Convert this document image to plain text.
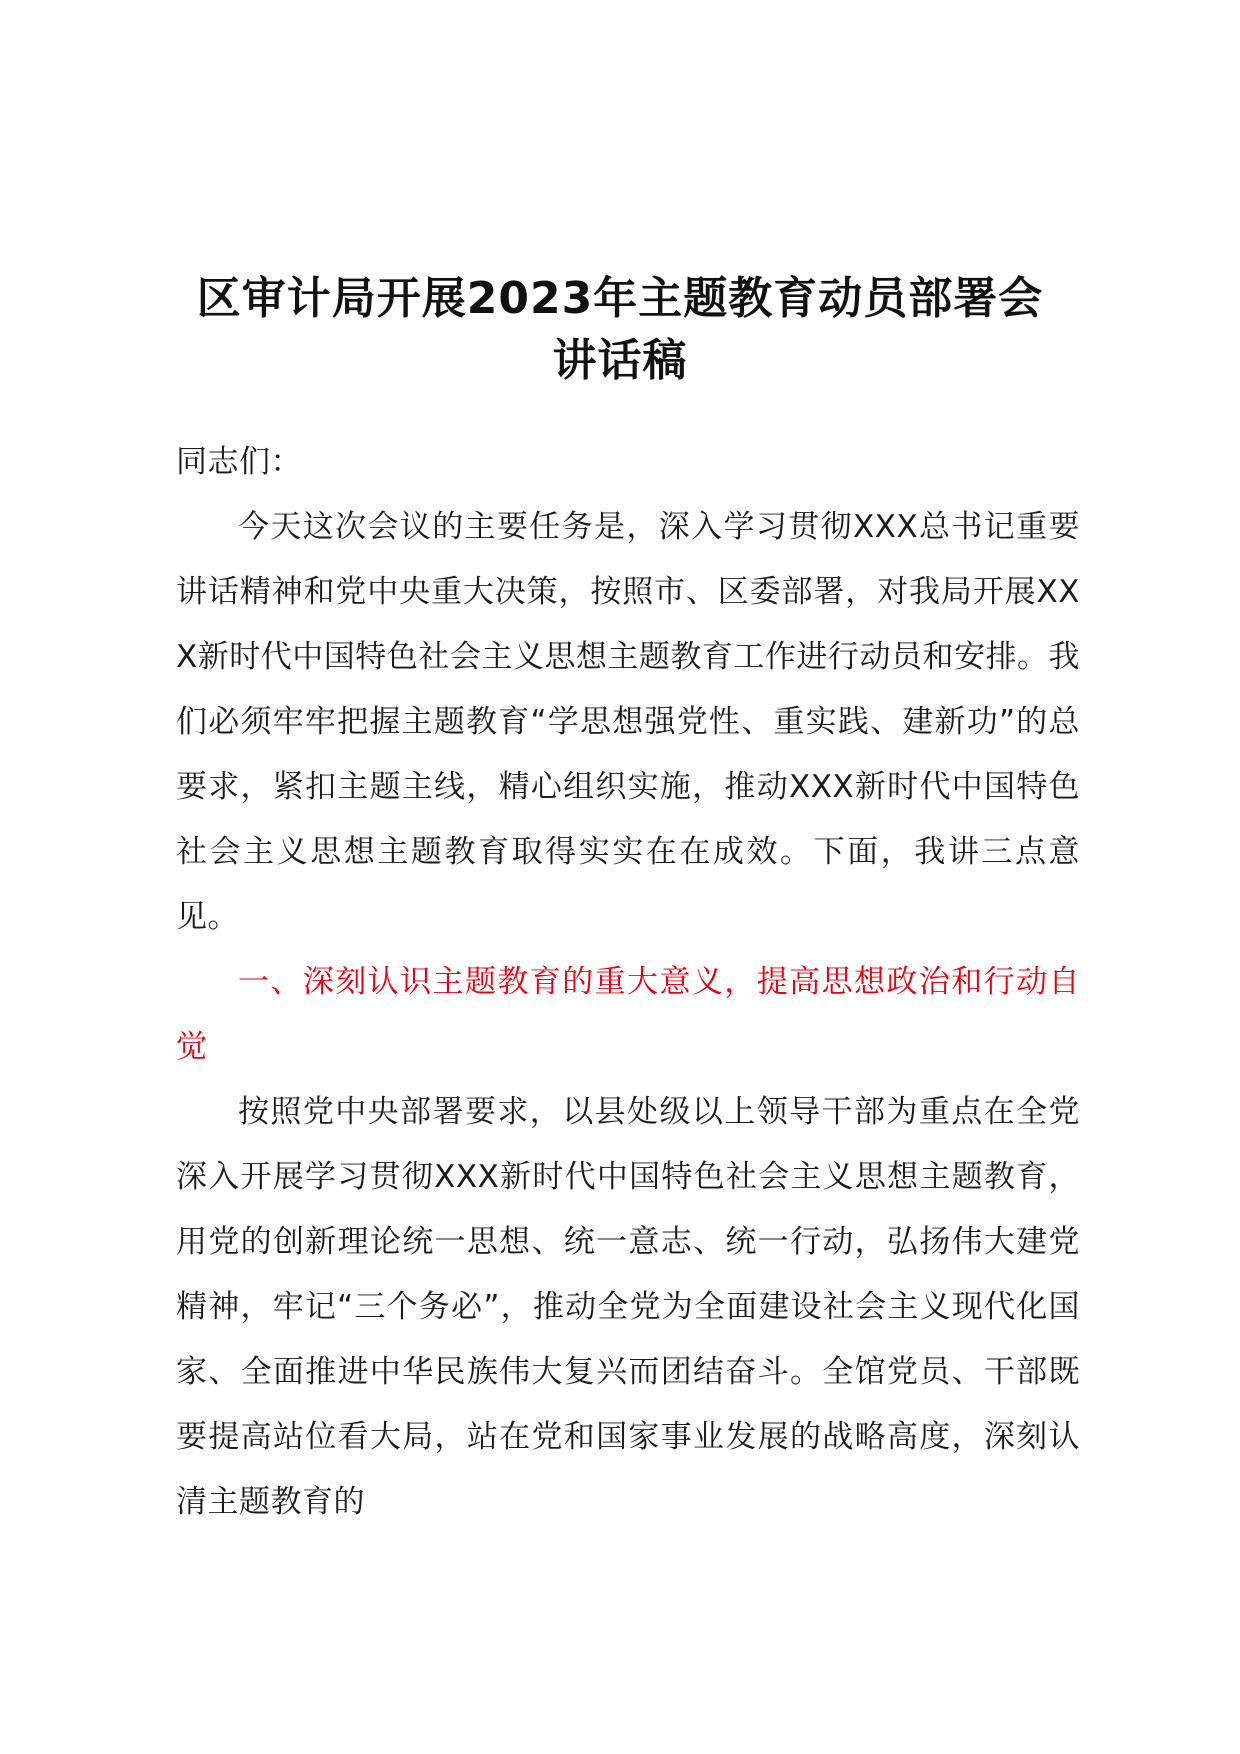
区审计局开展2023年主题教育动员部署会
讲话稿

同志们：

今天这次会议的主要任务是，深入学习贯彻XXX总书记重要讲话精神和党中央重大决策，按照市、区委部署，对我局开展XXX新时代中国特色社会主义思想主题教育工作进行动员和安排。我们必须牢牢把握主题教育“学思想强党性、重实践、建新功”的总要求，紧扣主题主线，精心组织实施，推动XXX新时代中国特色社会主义思想主题教育取得实实在在成效。下面，我讲三点意见。

一、深刻认识主题教育的重大意义，提高思想政治和行动自觉

按照党中央部署要求，以县处级以上领导干部为重点在全党深入开展学习贯彻XXX新时代中国特色社会主义思想主题教育，用党的创新理论统一思想、统一意志、统一行动，弘扬伟大建党精神，牢记“三个务必”，推动全党为全面建设社会主义现代化国家、全面推进中华民族伟大复兴而团结奋斗。全馆党员、干部既要提高站位看大局，站在党和国家事业发展的战略高度，深刻认清主题教育的
